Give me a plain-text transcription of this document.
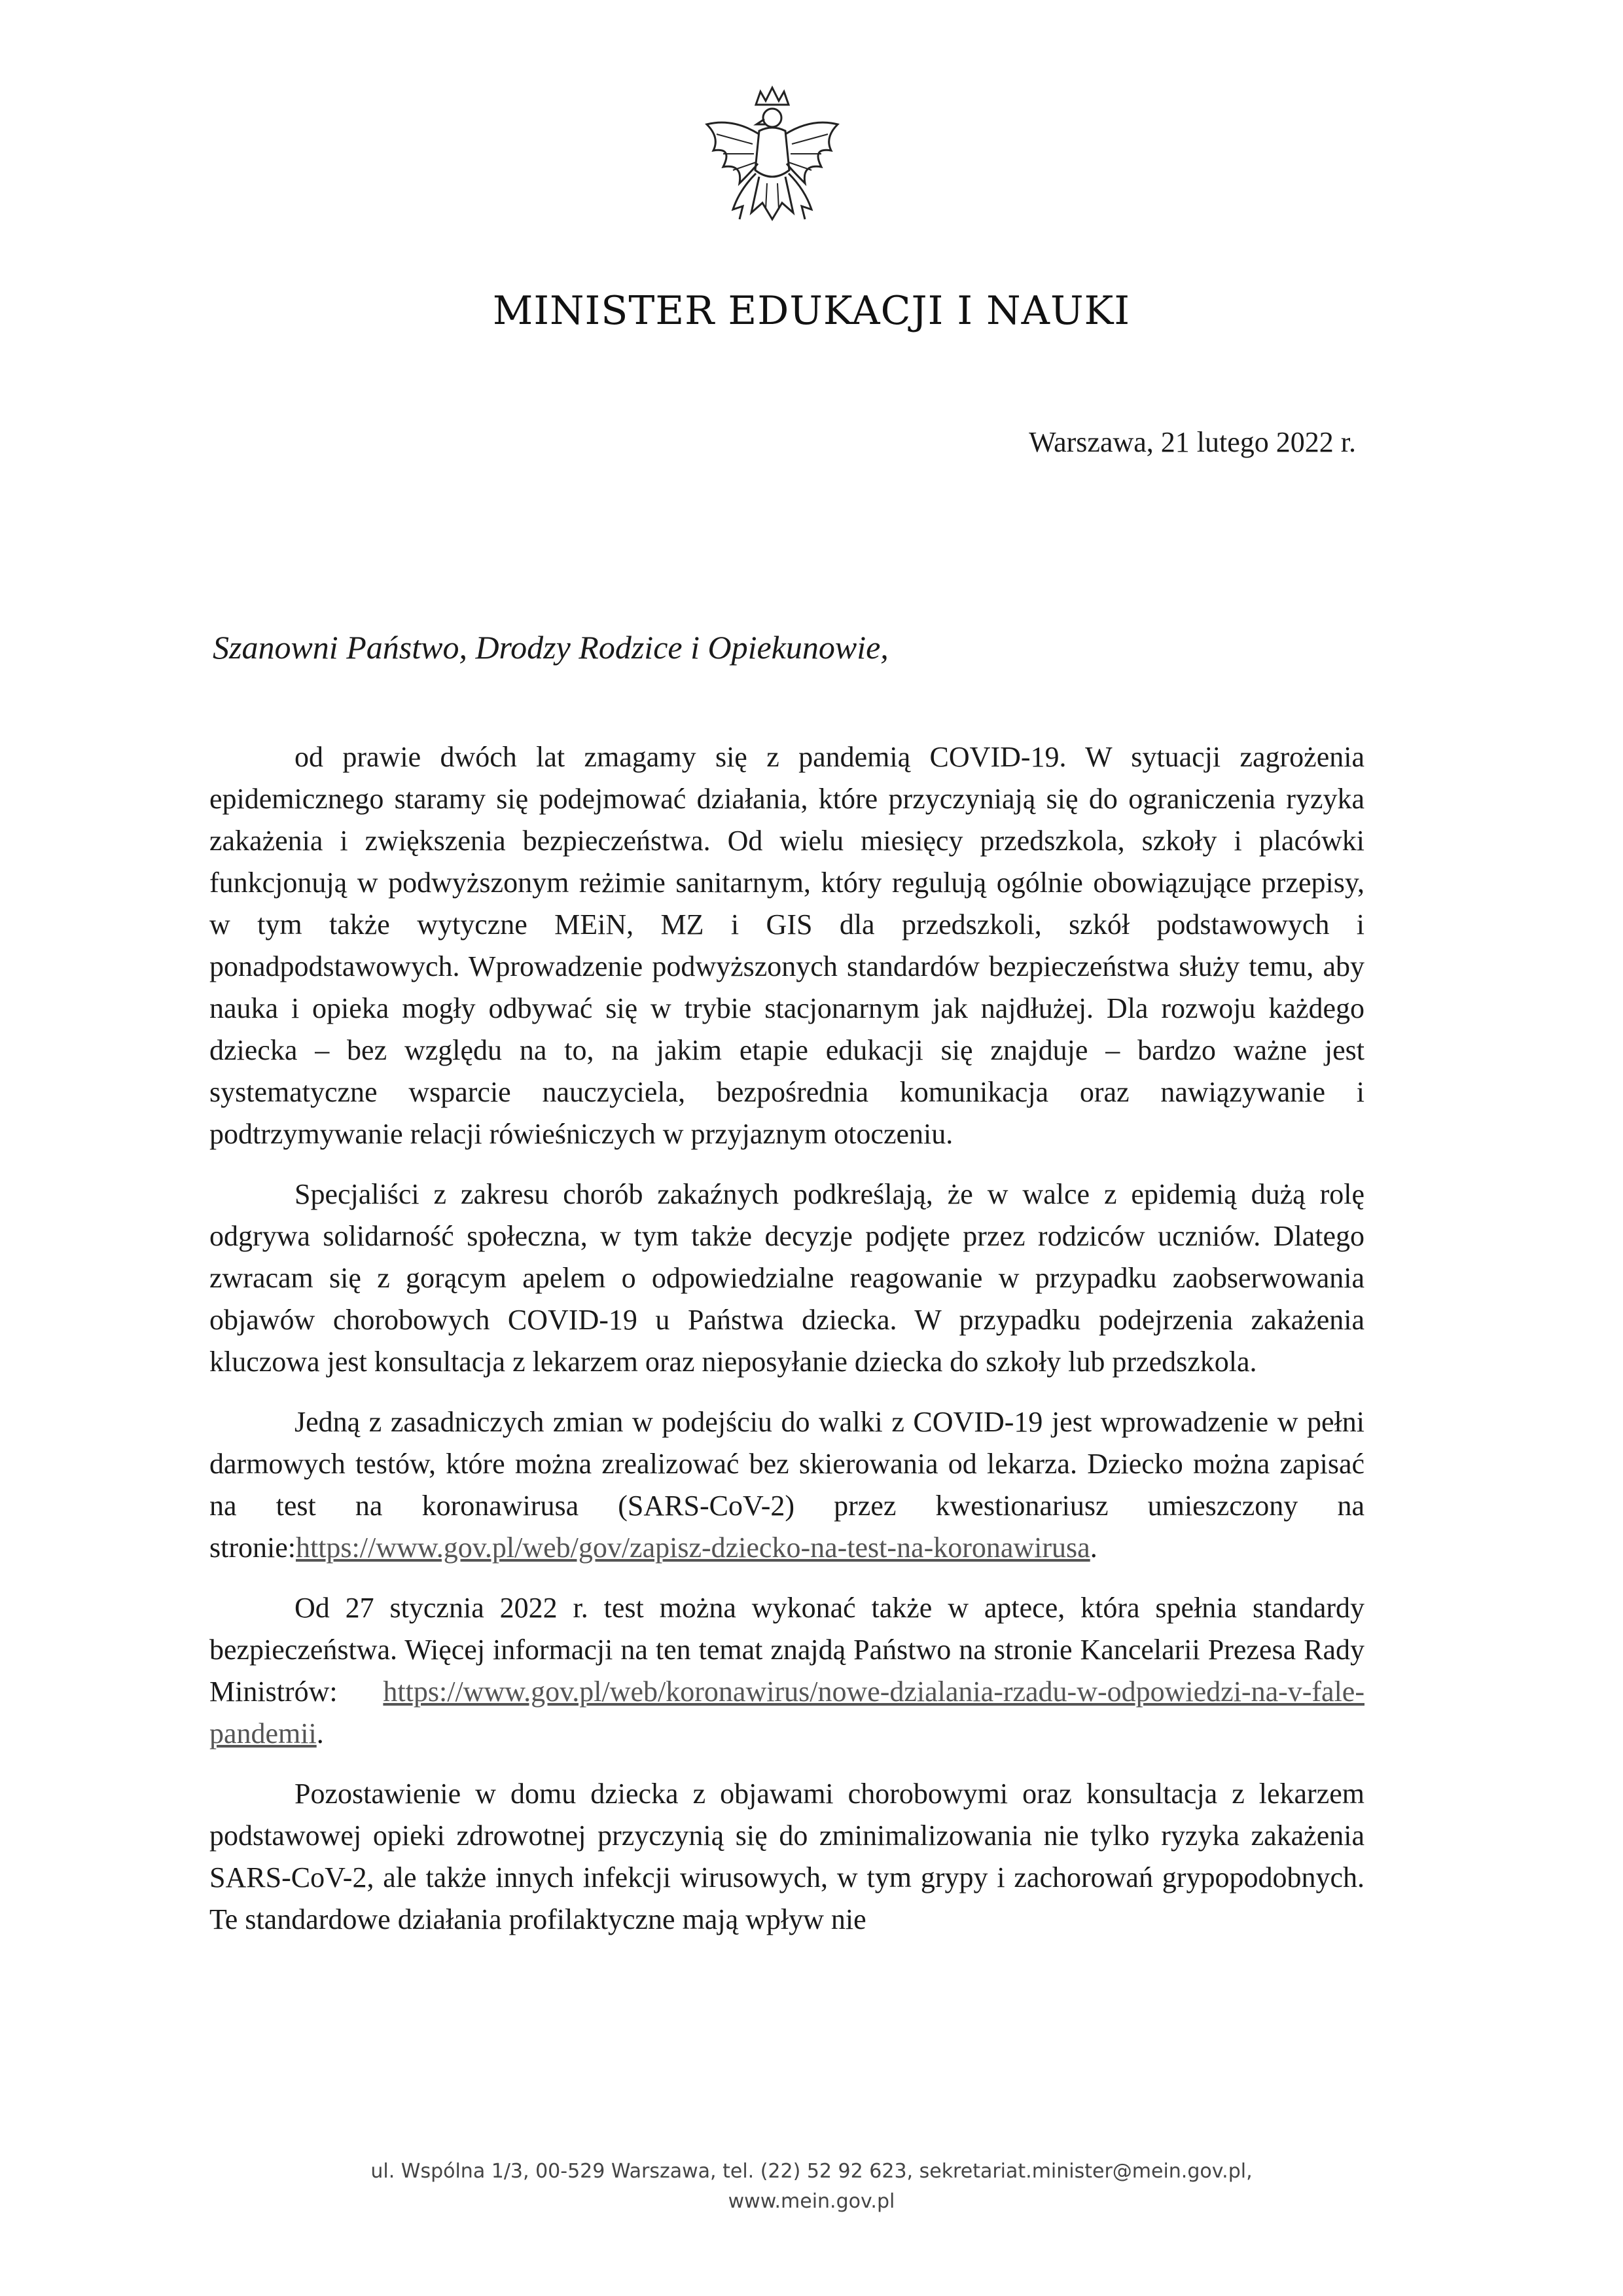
MINISTER EDUKACJI I NAUKI
Warszawa, 21 lutego 2022 r.
Szanowni Państwo, Drodzy Rodzice i Opiekunowie,

od prawie dwóch lat zmagamy się z pandemią COVID-19. W sytuacji zagrożenia epidemicznego staramy się podejmować działania, które przyczyniają się do ograniczenia ryzyka zakażenia i zwiększenia bezpieczeństwa. Od wielu miesięcy przedszkola, szkoły i placówki funkcjonują w podwyższonym reżimie sanitarnym, który regulują ogólnie obowiązujące przepisy, w tym także wytyczne MEiN, MZ i GIS dla przedszkoli, szkół podstawowych i ponadpodstawowych. Wprowadzenie podwyższonych standardów bezpieczeństwa służy temu, aby nauka i opieka mogły odbywać się w trybie stacjonarnym jak najdłużej. Dla rozwoju każdego dziecka – bez względu na to, na jakim etapie edukacji się znajduje – bardzo ważne jest systematyczne wsparcie nauczyciela, bezpośrednia komunikacja oraz nawiązywanie i podtrzymywanie relacji rówieśniczych w przyjaznym otoczeniu.

Specjaliści z zakresu chorób zakaźnych podkreślają, że w walce z epidemią dużą rolę odgrywa solidarność społeczna, w tym także decyzje podjęte przez rodziców uczniów. Dlatego zwracam się z gorącym apelem o odpowiedzialne reagowanie w przypadku zaobserwowania objawów chorobowych COVID-19 u Państwa dziecka. W przypadku podejrzenia zakażenia kluczowa jest konsultacja z lekarzem oraz nieposyłanie dziecka do szkoły lub przedszkola.

Jedną z zasadniczych zmian w podejściu do walki z COVID-19 jest wprowadzenie w pełni darmowych testów, które można zrealizować bez skierowania od lekarza. Dziecko można zapisać na test na koronawirusa (SARS-CoV-2) przez kwestionariusz umieszczony na stronie:https://www.gov.pl/web/gov/zapisz-dziecko-na-test-na-koronawirusa.

Od 27 stycznia 2022 r. test można wykonać także w aptece, która spełnia standardy bezpieczeństwa. Więcej informacji na ten temat znajdą Państwo na stronie Kancelarii Prezesa Rady Ministrów: https://www.gov.pl/web/koronawirus/nowe-dzialania-rzadu-w-odpowiedzi-na-v-fale-pandemii.

Pozostawienie w domu dziecka z objawami chorobowymi oraz konsultacja z lekarzem podstawowej opieki zdrowotnej przyczynią się do zminimalizowania nie tylko ryzyka zakażenia SARS-CoV-2, ale także innych infekcji wirusowych, w tym grypy i zachorowań grypopodobnych. Te standardowe działania profilaktyczne mają wpływ nie

ul. Wspólna 1/3, 00-529 Warszawa, tel. (22) 52 92 623, sekretariat.minister@mein.gov.pl,
www.mein.gov.pl
